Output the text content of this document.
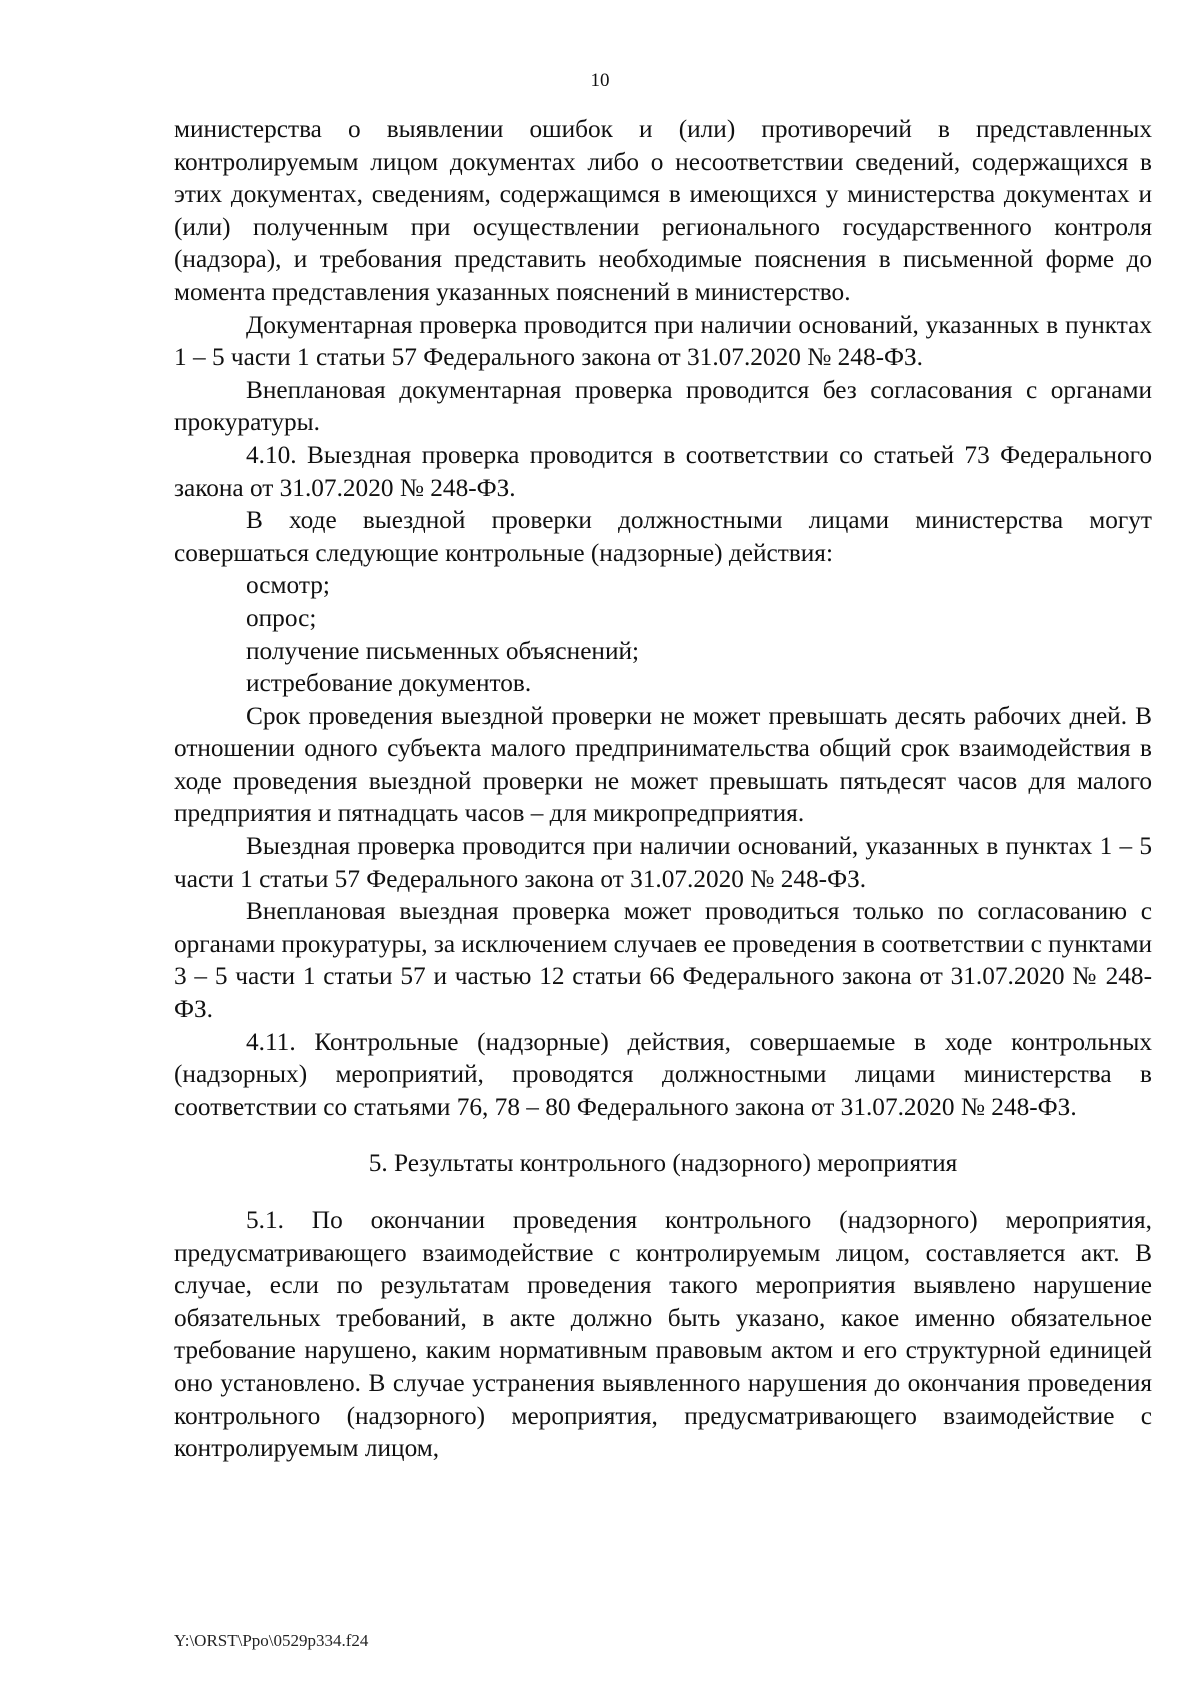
10

министерства о выявлении ошибок и (или) противоречий в представленных контролируемым лицом документах либо о несоответствии сведений, содержащихся в этих документах, сведениям, содержащимся в имеющихся у министерства документах и (или) полученным при осуществлении регионального государственного контроля (надзора), и требования представить необходимые пояснения в письменной форме до момента представления указанных пояснений в министерство.

Документарная проверка проводится при наличии оснований, указанных в пунктах 1 – 5 части 1 статьи 57 Федерального закона от 31.07.2020 № 248-ФЗ.

Внеплановая документарная проверка проводится без согласования с органами прокуратуры.

4.10. Выездная проверка проводится в соответствии со статьей 73 Федерального закона от 31.07.2020 № 248-ФЗ.

В ходе выездной проверки должностными лицами министерства могут совершаться следующие контрольные (надзорные) действия:

осмотр;

опрос;

получение письменных объяснений;

истребование документов.

Срок проведения выездной проверки не может превышать десять рабочих дней. В отношении одного субъекта малого предпринимательства общий срок взаимодействия в ходе проведения выездной проверки не может превышать пятьдесят часов для малого предприятия и пятнадцать часов – для микропредприятия.

Выездная проверка проводится при наличии оснований, указанных в пунктах 1 – 5 части 1 статьи 57 Федерального закона от 31.07.2020 № 248-ФЗ.

Внеплановая выездная проверка может проводиться только по согласованию с органами прокуратуры, за исключением случаев ее проведения в соответствии с пунктами 3 – 5 части 1 статьи 57 и частью 12 статьи 66 Федерального закона от 31.07.2020 № 248-ФЗ.

4.11. Контрольные (надзорные) действия, совершаемые в ходе контрольных (надзорных) мероприятий, проводятся должностными лицами министерства в соответствии со статьями 76, 78 – 80 Федерального закона от 31.07.2020 № 248-ФЗ.

5. Результаты контрольного (надзорного) мероприятия

5.1. По окончании проведения контрольного (надзорного) мероприятия, предусматривающего взаимодействие с контролируемым лицом, составляется акт. В случае, если по результатам проведения такого мероприятия выявлено нарушение обязательных требований, в акте должно быть указано, какое именно обязательное требование нарушено, каким нормативным правовым актом и его структурной единицей оно установлено. В случае устранения выявленного нарушения до окончания проведения контрольного (надзорного) мероприятия, предусматривающего взаимодействие с контролируемым лицом,

Y:\ORST\Ppo\0529p334.f24
